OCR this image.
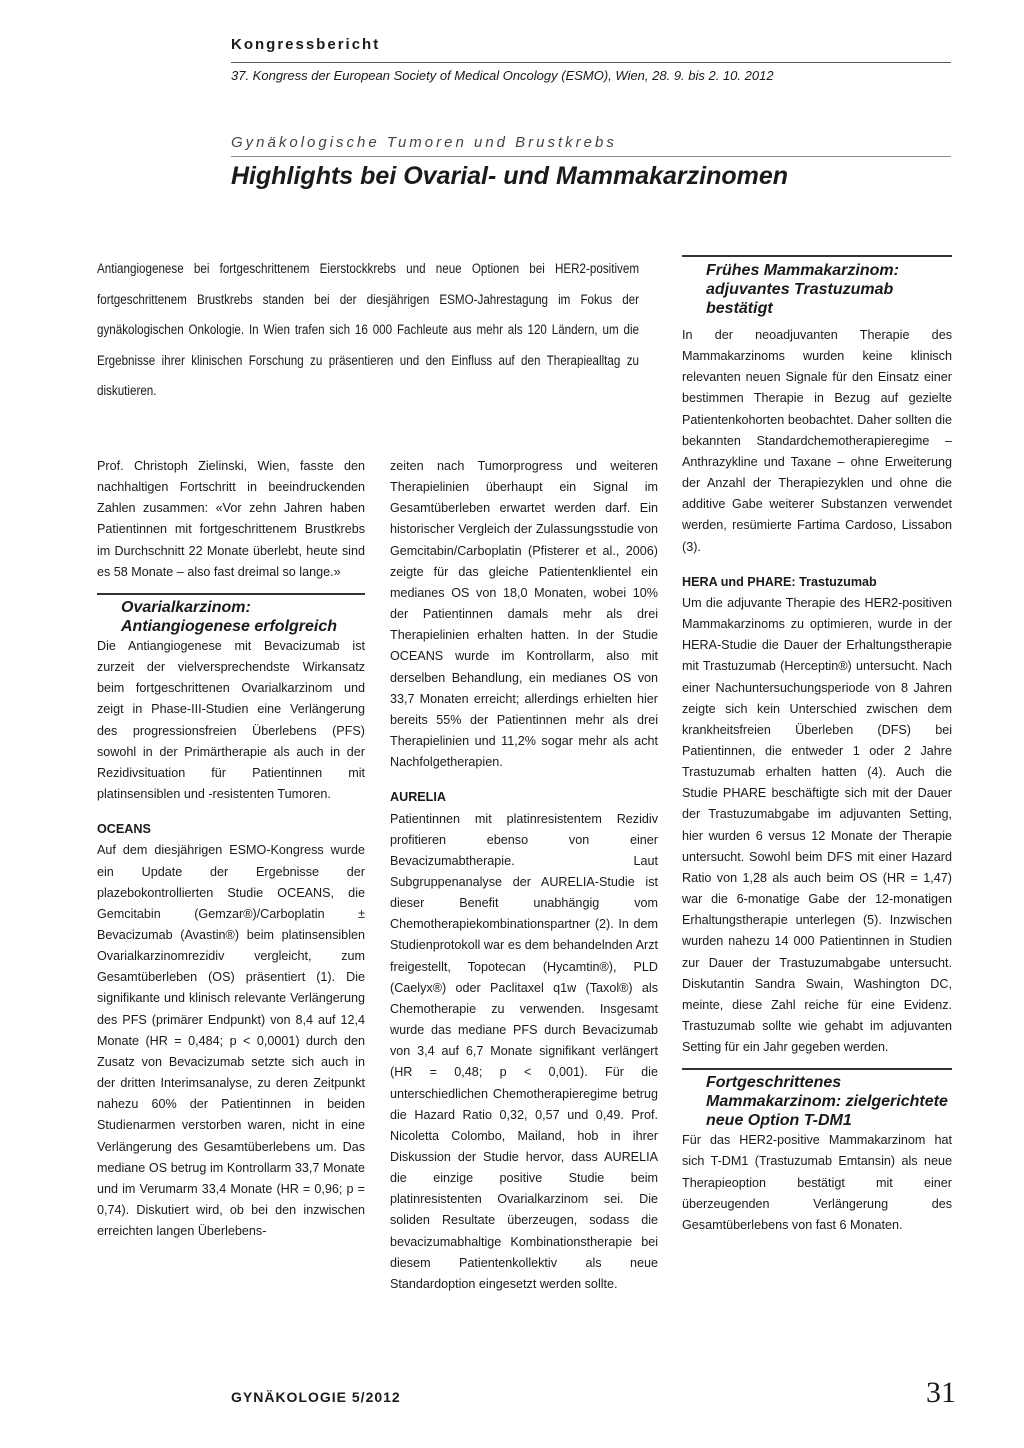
Kongressbericht
37. Kongress der European Society of Medical Oncology (ESMO), Wien, 28. 9. bis 2. 10. 2012
Gynäkologische Tumoren und Brustkrebs
Highlights bei Ovarial- und Mammakarzinomen
Antiangiogenese bei fortgeschrittenem Eierstockkrebs und neue Optionen bei HER2-positivem fortgeschrittenem Brustkrebs standen bei der diesjährigen ESMO-Jahrestagung im Fokus der gynäkologischen Onkologie. In Wien trafen sich 16 000 Fachleute aus mehr als 120 Ländern, um die Ergebnisse ihrer klinischen Forschung zu präsentieren und den Einfluss auf den Therapiealltag zu diskutieren.

Prof. Christoph Zielinski, Wien, fasste den nachhaltigen Fortschritt in beeindruckenden Zahlen zusammen: «Vor zehn Jahren haben Patientinnen mit fortgeschrittenem Brustkrebs im Durchschnitt 22 Monate überlebt, heute sind es 58 Monate – also fast dreimal so lange.»

Ovarialkarzinom: Antiangiogenese erfolgreich

Die Antiangiogenese mit Bevacizumab ist zurzeit der vielversprechendste Wirkansatz beim fortgeschrittenen Ovarialkarzinom und zeigt in Phase-III-Studien eine Verlängerung des progressionsfreien Überlebens (PFS) sowohl in der Primärtherapie als auch in der Rezidivsituation für Patientinnen mit platinsensiblen und -resistenten Tumoren.

OCEANS

Auf dem diesjährigen ESMO-Kongress wurde ein Update der Ergebnisse der plazebokontrollierten Studie OCEANS, die Gemcitabin (Gemzar®)/Carboplatin ± Bevacizumab (Avastin®) beim platinsensiblen Ovarialkarzinomrezidiv vergleicht, zum Gesamtüberleben (OS) präsentiert (1). Die signifikante und klinisch relevante Verlängerung des PFS (primärer Endpunkt) von 8,4 auf 12,4 Monate (HR = 0,484; p < 0,0001) durch den Zusatz von Bevacizumab setzte sich auch in der dritten Interimsanalyse, zu deren Zeitpunkt nahezu 60% der Patientinnen in beiden Studienarmen verstorben waren, nicht in eine Verlängerung des Gesamtüberlebens um. Das mediane OS betrug im Kontrollarm 33,7 Monate und im Verumarm 33,4 Monate (HR = 0,96; p = 0,74). Diskutiert wird, ob bei den inzwischen erreichten langen Überlebens-

zeiten nach Tumorprogress und weiteren Therapielinien überhaupt ein Signal im Gesamtüberleben erwartet werden darf. Ein historischer Vergleich der Zulassungsstudie von Gemcitabin/Carboplatin (Pfisterer et al., 2006) zeigte für das gleiche Patientenklientel ein medianes OS von 18,0 Monaten, wobei 10% der Patientinnen damals mehr als drei Therapielinien erhalten hatten. In der Studie OCEANS wurde im Kontrollarm, also mit derselben Behandlung, ein medianes OS von 33,7 Monaten erreicht; allerdings erhielten hier bereits 55% der Patientinnen mehr als drei Therapielinien und 11,2% sogar mehr als acht Nachfolgetherapien.

AURELIA

Patientinnen mit platinresistentem Rezidiv profitieren ebenso von einer Bevacizumabtherapie. Laut Subgruppenanalyse der AURELIA-Studie ist dieser Benefit unabhängig vom Chemotherapiekombinationspartner (2). In dem Studienprotokoll war es dem behandelnden Arzt freigestellt, Topotecan (Hycamtin®), PLD (Caelyx®) oder Paclitaxel q1w (Taxol®) als Chemotherapie zu verwenden. Insgesamt wurde das mediane PFS durch Bevacizumab von 3,4 auf 6,7 Monate signifikant verlängert (HR = 0,48; p < 0,001). Für die unterschiedlichen Chemotherapieregime betrug die Hazard Ratio 0,32, 0,57 und 0,49. Prof. Nicoletta Colombo, Mailand, hob in ihrer Diskussion der Studie hervor, dass AURELIA die einzige positive Studie beim platinresistenten Ovarialkarzinom sei. Die soliden Resultate überzeugen, sodass die bevacizumabhaltige Kombinationstherapie bei diesem Patientenkollektiv als neue Standardoption eingesetzt werden sollte.

Frühes Mammakarzinom: adjuvantes Trastuzumab bestätigt

In der neoadjuvanten Therapie des Mammakarzinoms wurden keine klinisch relevanten neuen Signale für den Einsatz einer bestimmen Therapie in Bezug auf gezielte Patientenkohorten beobachtet. Daher sollten die bekannten Standardchemotherapieregime – Anthrazykline und Taxane – ohne Erweiterung der Anzahl der Therapiezyklen und ohne die additive Gabe weiterer Substanzen verwendet werden, resümierte Fartima Cardoso, Lissabon (3).

HERA und PHARE: Trastuzumab

Um die adjuvante Therapie des HER2-positiven Mammakarzinoms zu optimieren, wurde in der HERA-Studie die Dauer der Erhaltungstherapie mit Trastuzumab (Herceptin®) untersucht. Nach einer Nachuntersuchungsperiode von 8 Jahren zeigte sich kein Unterschied zwischen dem krankheitsfreien Überleben (DFS) bei Patientinnen, die entweder 1 oder 2 Jahre Trastuzumab erhalten hatten (4). Auch die Studie PHARE beschäftigte sich mit der Dauer der Trastuzumabgabe im adjuvanten Setting, hier wurden 6 versus 12 Monate der Therapie untersucht. Sowohl beim DFS mit einer Hazard Ratio von 1,28 als auch beim OS (HR = 1,47) war die 6-monatige Gabe der 12-monatigen Erhaltungstherapie unterlegen (5). Inzwischen wurden nahezu 14 000 Patientinnen in Studien zur Dauer der Trastuzumabgabe untersucht. Diskutantin Sandra Swain, Washington DC, meinte, diese Zahl reiche für eine Evidenz. Trastuzumab sollte wie gehabt im adjuvanten Setting für ein Jahr gegeben werden.

Fortgeschrittenes Mammakarzinom: zielgerichtete neue Option T-DM1

Für das HER2-positive Mammakarzinom hat sich T-DM1 (Trastuzumab Emtansin) als neue Therapieoption bestätigt mit einer überzeugenden Verlängerung des Gesamtüberlebens von fast 6 Monaten.

GYNÄKOLOGIE 5/2012	31
